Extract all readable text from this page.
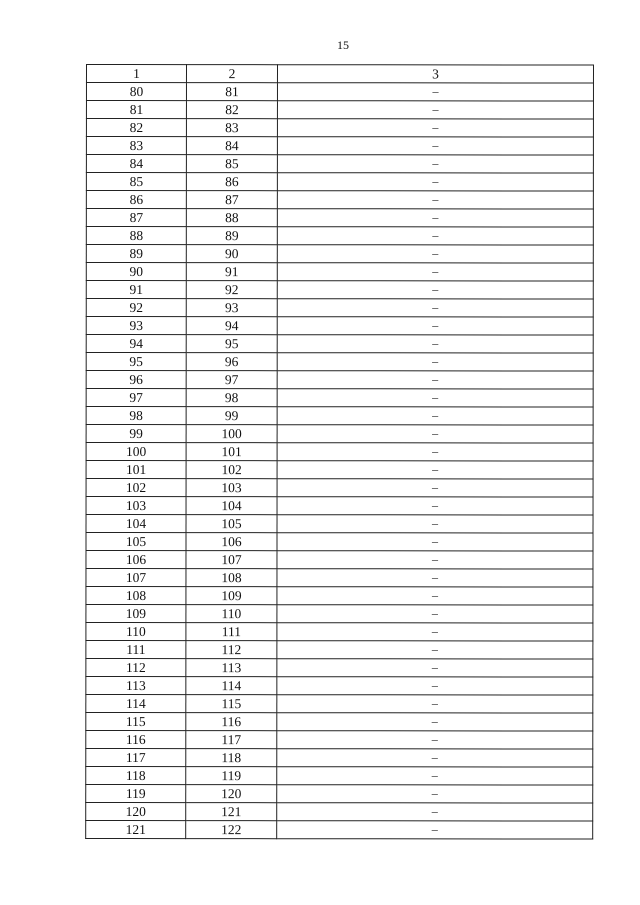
15
1	2	3
80	81	–
81	82	–
82	83	–
83	84	–
84	85	–
85	86	–
86	87	–
87	88	–
88	89	–
89	90	–
90	91	–
91	92	–
92	93	–
93	94	–
94	95	–
95	96	–
96	97	–
97	98	–
98	99	–
99	100	–
100	101	–
101	102	–
102	103	–
103	104	–
104	105	–
105	106	–
106	107	–
107	108	–
108	109	–
109	110	–
110	111	–
111	112	–
112	113	–
113	114	–
114	115	–
115	116	–
116	117	–
117	118	–
118	119	–
119	120	–
120	121	–
121	122	–
